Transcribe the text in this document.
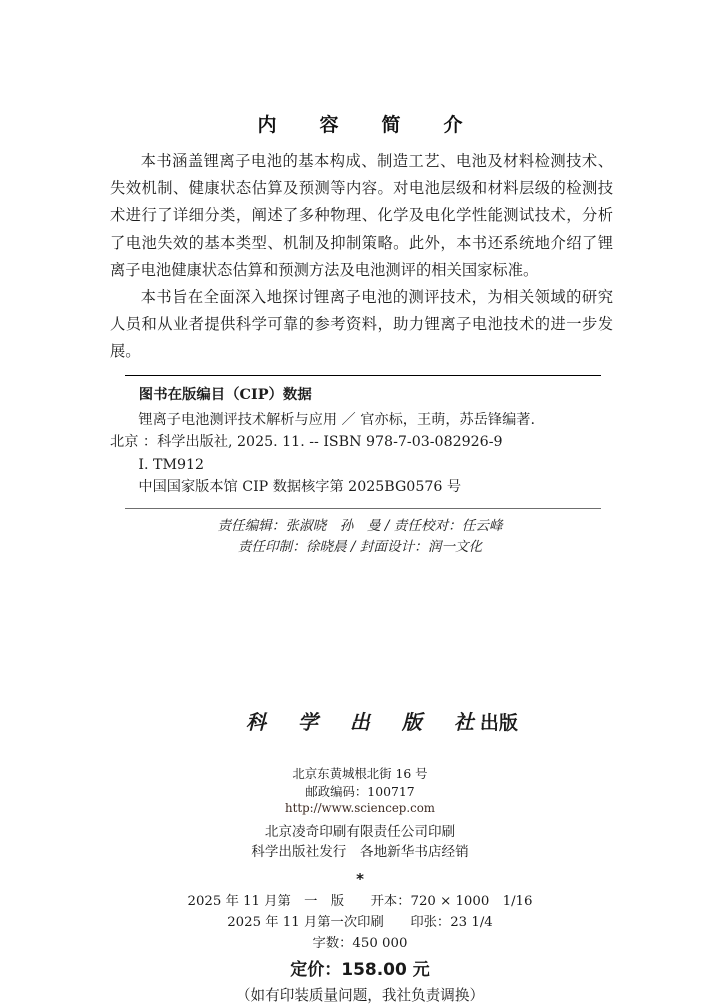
内　容　简　介

本书涵盖锂离子电池的基本构成、制造工艺、电池及材料检测技术、失效机制、健康状态估算及预测等内容。对电池层级和材料层级的检测技术进行了详细分类，阐述了多种物理、化学及电化学性能测试技术，分析了电池失效的基本类型、机制及抑制策略。此外，本书还系统地介绍了锂离子电池健康状态估算和预测方法及电池测评的相关国家标准。

本书旨在全面深入地探讨锂离子电池的测评技术，为相关领域的研究人员和从业者提供科学可靠的参考资料，助力锂离子电池技术的进一步发展。

图书在版编目（CIP）数据
锂离子电池测评技术解析与应用 ／ 官亦标，王萌，苏岳锋编著.
北京 ：科学出版社, 2025. 11. -- ISBN 978-7-03-082926-9
Ⅰ. TM912
中国国家版本馆 CIP 数据核字第 2025BG0576 号
责任编辑：张淑晓　孙　曼 / 责任校对：任云峰
责任印制：徐晓晨 / 封面设计：润一文化

科　学　出　版　社出版

北京东黄城根北街 16 号
邮政编码：100717
http://www.sciencep.com
北京凌奇印刷有限责任公司印刷
科学出版社发行　各地新华书店经销
*
2025 年 11 月第　一　版　　开本：720 × 1000　1/16
2025 年 11 月第一次印刷　　印张：23 1/4
字数：450 000
定价：158.00 元
（如有印装质量问题，我社负责调换）
